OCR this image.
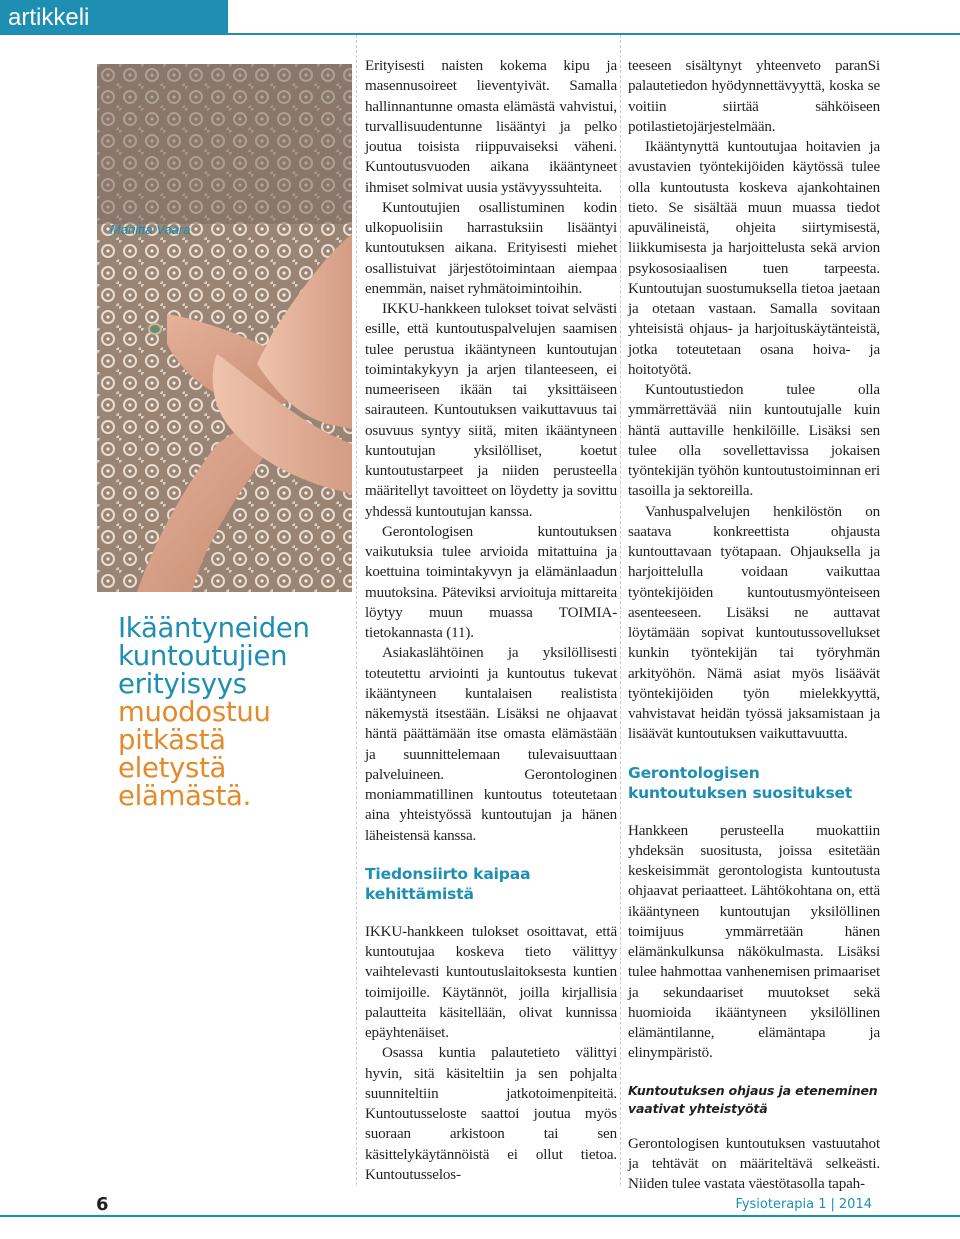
artikkeli
Mariitta Vaara
Ikääntyneiden
kuntoutujien
erityisyys
muodostuu
pitkästä eletystä
elämästä.

Erityisesti naisten kokema kipu ja masennusoireet lieventyivät. Samalla hallinnantunne omasta elämästä vahvistui, turvallisuudentunne lisääntyi ja pelko joutua toisista riippuvaiseksi väheni. Kuntoutusvuoden aikana ikääntyneet ihmiset solmivat uusia ystävyyssuhteita.

Kuntoutujien osallistuminen kodin ulkopuolisiin harrastuksiin lisääntyi kuntoutuksen aikana. Erityisesti miehet osallistuivat järjestötoimintaan aiempaa enemmän, naiset ryhmätoimintoihin.

IKKU-hankkeen tulokset toivat selvästi esille, että kuntoutuspalvelujen saamisen tulee perustua ikääntyneen kuntoutujan toimintakykyyn ja arjen tilanteeseen, ei numeeriseen ikään tai yksittäiseen sairauteen. Kuntoutuksen vaikuttavuus tai osuvuus syntyy siitä, miten ikääntyneen kuntoutujan yksilölliset, koetut kuntoutustarpeet ja niiden perusteella määritellyt tavoitteet on löydetty ja sovittu yhdessä kuntoutujan kanssa.

Gerontologisen kuntoutuksen vaikutuksia tulee arvioida mitattuina ja koettuina toimintakyvyn ja elämänlaadun muutoksina. Päteviksi arvioituja mittareita löytyy muun muassa TOIMIA-tietokannasta (11).

Asiakaslähtöinen ja yksilöllisesti toteutettu arviointi ja kuntoutus tukevat ikääntyneen kuntalaisen realistista näkemystä itsestään. Lisäksi ne ohjaavat häntä päättämään itse omasta elämästään ja suunnittelemaan tulevaisuuttaan palveluineen. Gerontologinen moniammatillinen kuntoutus toteutetaan aina yhteistyössä kuntoutujan ja hänen läheistensä kanssa.

Tiedonsiirto kaipaa kehittämistä

IKKU-hankkeen tulokset osoittavat, että kuntoutujaa koskeva tieto välittyy vaihtelevasti kuntoutuslaitoksesta kuntien toimijoille. Käytännöt, joilla kirjallisia palautteita käsitellään, olivat kunnissa epäyhtenäiset.

Osassa kuntia palautetieto välittyi hyvin, sitä käsiteltiin ja sen pohjalta suunniteltiin jatkotoimenpiteitä. Kuntoutusseloste saattoi joutua myös suoraan arkistoon tai sen käsittelykäytännöistä ei ollut tietoa. Kuntoutusselos-

teeseen sisältynyt yhteenveto paranSi palautetiedon hyödynnettävyyttä, koska se voitiin siirtää sähköiseen potilastietojärjestelmään.

Ikääntynyttä kuntoutujaa hoitavien ja avustavien työntekijöiden käytössä tulee olla kuntoutusta koskeva ajankohtainen tieto. Se sisältää muun muassa tiedot apuvälineistä, ohjeita siirtymisestä, liikkumisesta ja harjoittelusta sekä arvion psykososiaalisen tuen tarpeesta. Kuntoutujan suostumuksella tietoa jaetaan ja otetaan vastaan. Samalla sovitaan yhteisistä ohjaus- ja harjoituskäytänteistä, jotka toteutetaan osana hoiva- ja hoitotyötä.

Kuntoutustiedon tulee olla ymmärrettävää niin kuntoutujalle kuin häntä auttaville henkilöille. Lisäksi sen tulee olla sovellettavissa jokaisen työntekijän työhön kuntoutustoiminnan eri tasoilla ja sektoreilla.

Vanhuspalvelujen henkilöstön on saatava konkreettista ohjausta kuntouttavaan työtapaan. Ohjauksella ja harjoittelulla voidaan vaikuttaa työntekijöiden kuntoutusmyönteiseen asenteeseen. Lisäksi ne auttavat löytämään sopivat kuntoutussovellukset kunkin työntekijän tai työryhmän arkityöhön. Nämä asiat myös lisäävät työntekijöiden työn mielekkyyttä, vahvistavat heidän työssä jaksamistaan ja lisäävät kuntoutuksen vaikuttavuutta.

Gerontologisen kuntoutuksen suositukset

Hankkeen perusteella muokattiin yhdeksän suositusta, joissa esitetään keskeisimmät gerontologista kuntoutusta ohjaavat periaatteet. Lähtökohtana on, että ikääntyneen kuntoutujan yksilöllinen toimijuus ymmärretään hänen elämänkulkunsa näkökulmasta. Lisäksi tulee hahmottaa vanhenemisen primaariset ja sekundaariset muutokset sekä huomioida ikääntyneen yksilöllinen elämäntilanne, elämäntapa ja elinympäristö.

Kuntoutuksen ohjaus ja eteneminen vaativat yhteistyötä

Gerontologisen kuntoutuksen vastuutahot ja tehtävät on määriteltävä selkeästi. Niiden tulee vastata väestötasolla tapah-

6	Fysioterapia 1 | 2014
